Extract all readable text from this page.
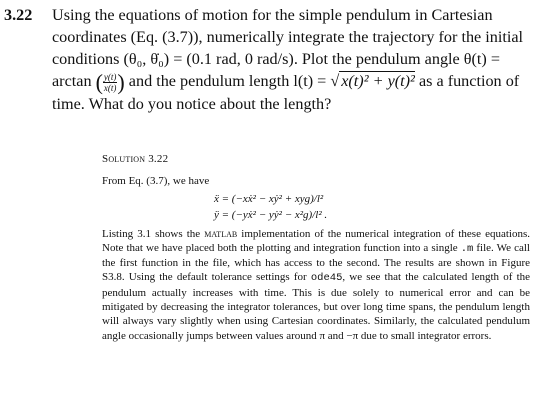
3.22	Using the equations of motion for the simple pendulum in Cartesian coordinates (Eq. (3.7)), numerically integrate the trajectory for the initial conditions (θ₀, θ̇₀) = (0.1 rad, 0 rad/s). Plot the pendulum angle θ(t) = arctan ( $\frac{y(t)}{x(t)}$ ) and the pendulum length l(t) = √ x(t)² + y(t)² as a function of time. What do you notice about the length?

Solution 3.22
From Eq. (3.7), we have
ẍ = (−xẋ² − xẏ² + xyg)/l²
ÿ = (−yẋ² − yẏ² − x²g)/l² .

Listing 3.1 shows the matlab implementation of the numerical integration of these equations. Note that we have placed both the plotting and integration function into a single .m file. We call the first function in the file, which has access to the second. The results are shown in Figure S3.8. Using the default tolerance settings for ode45, we see that the calculated length of the pendulum actually increases with time. This is due solely to numerical error and can be mitigated by decreasing the integrator tolerances, but over long time spans, the pendulum length will always vary slightly when using Cartesian coordinates. Similarly, the calculated pendulum angle occasionally jumps between values around π and −π due to small integrator errors.
